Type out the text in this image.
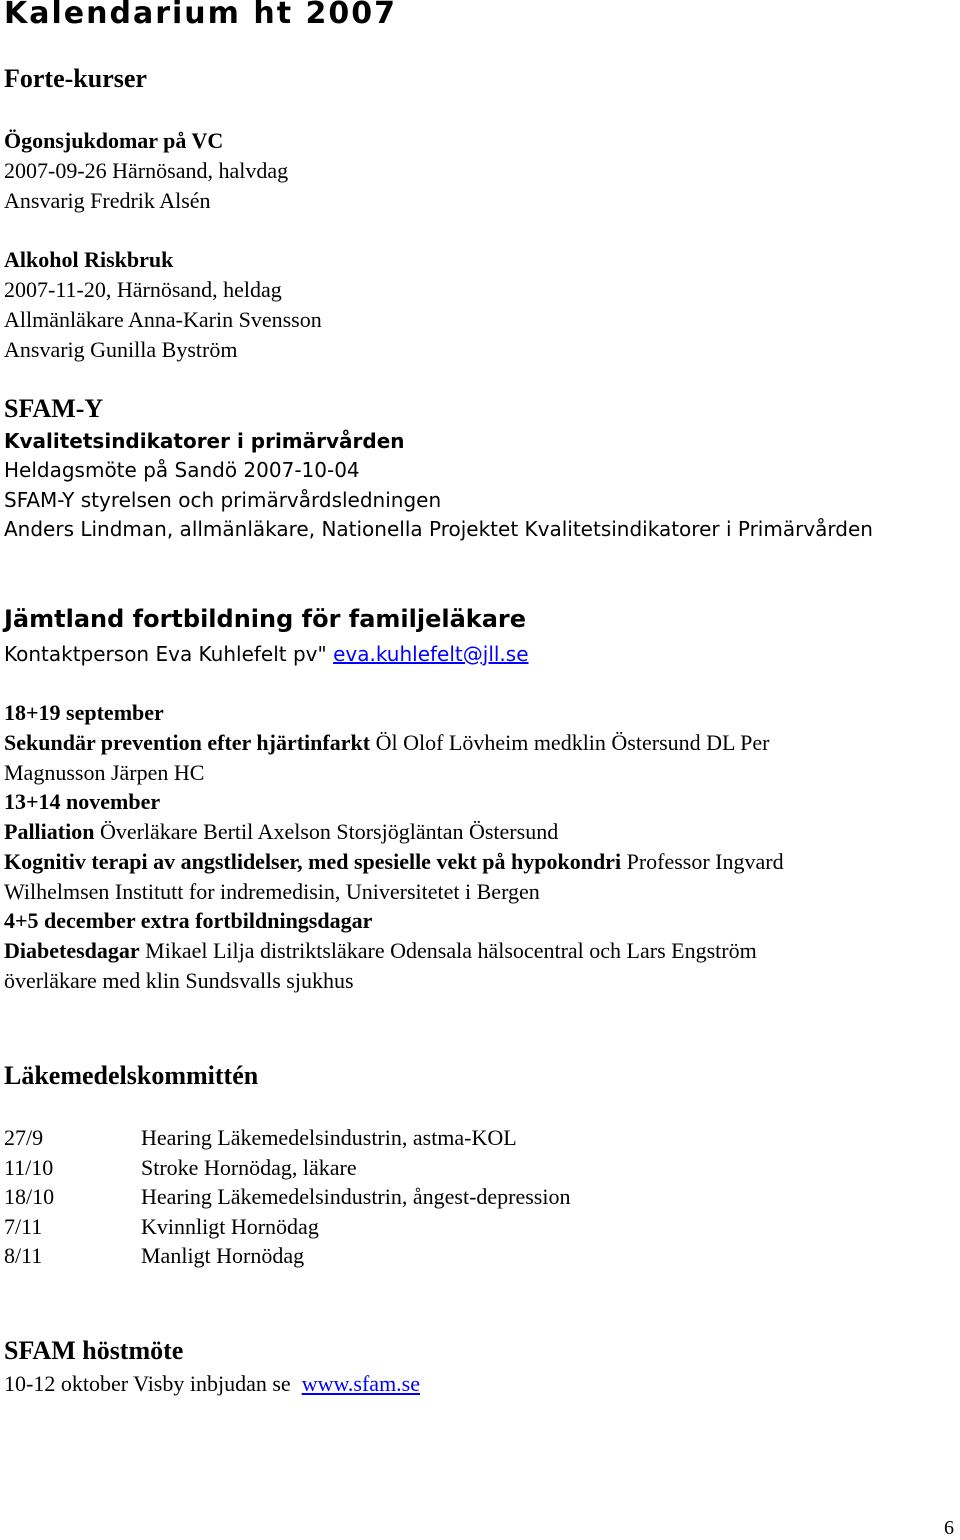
Kalendarium ht 2007
Forte-kurser
Ögonsjukdomar på VC
2007-09-26 Härnösand, halvdag
Ansvarig Fredrik Alsén
Alkohol Riskbruk
2007-11-20, Härnösand, heldag
Allmänläkare Anna-Karin Svensson
Ansvarig Gunilla Byström
SFAM-Y
Kvalitetsindikatorer i primärvården
Heldagsmöte på Sandö 2007-10-04
SFAM-Y styrelsen och primärvårdsledningen
Anders Lindman, allmänläkare, Nationella Projektet Kvalitetsindikatorer i Primärvården
Jämtland fortbildning för familjeläkare
Kontaktperson Eva Kuhlefelt pv" eva.kuhlefelt@jll.se
18+19 september
Sekundär prevention efter hjärtinfarkt Öl Olof Lövheim medklin Östersund DL Per
Magnusson Järpen HC
13+14 november
Palliation Överläkare Bertil Axelson Storsjögläntan Östersund
Kognitiv terapi av angstlidelser, med spesielle vekt på hypokondri Professor Ingvard
Wilhelmsen Institutt for indremedisin, Universitetet i Bergen
4+5 december extra fortbildningsdagar
Diabetesdagar Mikael Lilja distriktsläkare Odensala hälsocentral och Lars Engström
överläkare med klin Sundsvalls sjukhus
Läkemedelskommittén
27/9	Hearing Läkemedelsindustrin, astma-KOL
11/10	Stroke Hornödag, läkare
18/10	Hearing Läkemedelsindustrin, ångest-depression
7/11	Kvinnligt Hornödag
8/11	Manligt Hornödag
SFAM höstmöte
10-12 oktober Visby inbjudan se  www.sfam.se
6
